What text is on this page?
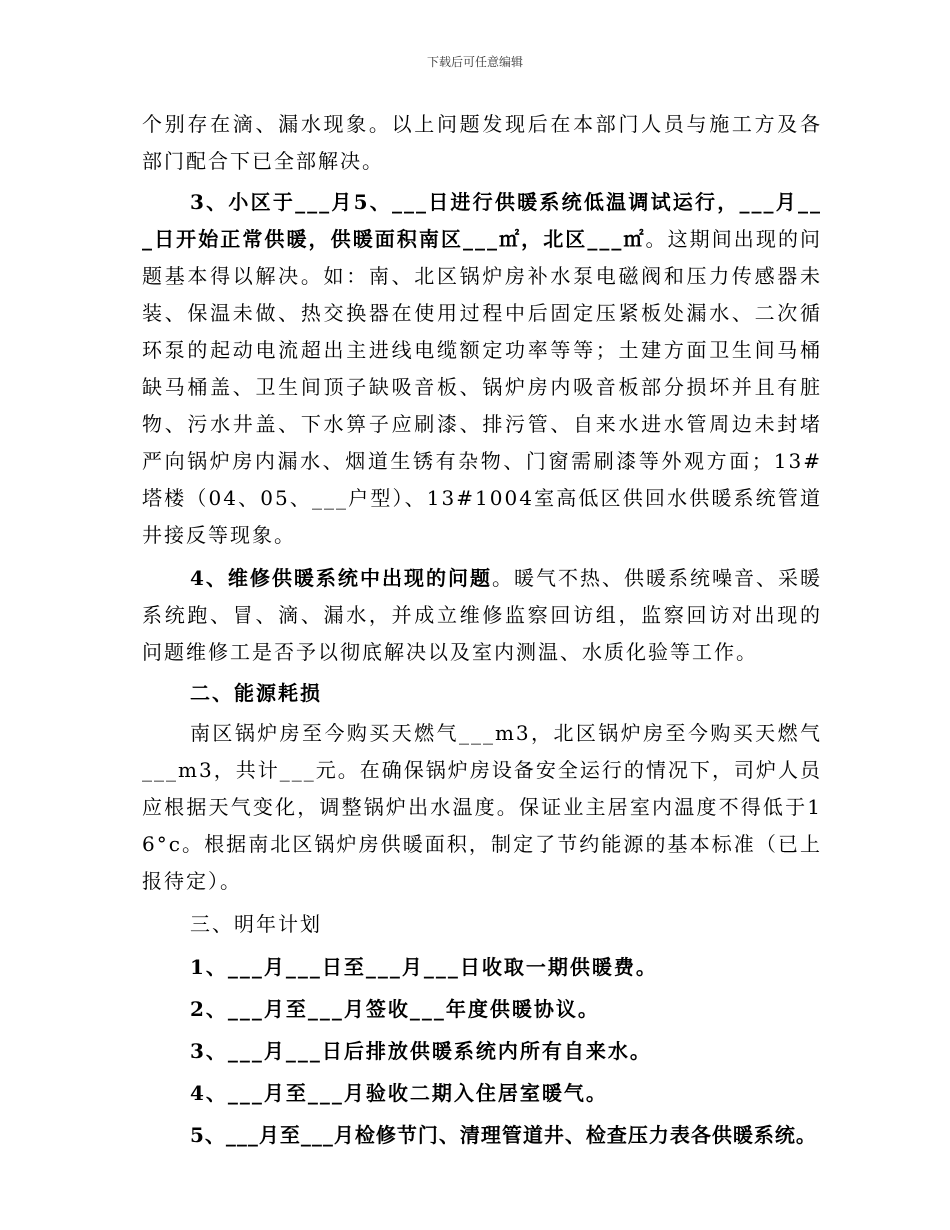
下载后可任意编辑

个别存在滴、漏水现象。以上问题发现后在本部门人员与施工方及各部门配合下已全部解决。

3、小区于___月5、___日进行供暖系统低温调试运行，___月___日开始正常供暖，供暖面积南区___㎡，北区___㎡。这期间出现的问题基本得以解决。如：南、北区锅炉房补水泵电磁阀和压力传感器未装、保温未做、热交换器在使用过程中后固定压紧板处漏水、二次循环泵的起动电流超出主进线电缆额定功率等等；土建方面卫生间马桶缺马桶盖、卫生间顶子缺吸音板、锅炉房内吸音板部分损坏并且有脏物、污水井盖、下水箅子应刷漆、排污管、自来水进水管周边未封堵严向锅炉房内漏水、烟道生锈有杂物、门窗需刷漆等外观方面；13#塔楼（04、05、___户型）、13#1004室高低区供回水供暖系统管道井接反等现象。

4、维修供暖系统中出现的问题。暖气不热、供暖系统噪音、采暖系统跑、冒、滴、漏水，并成立维修监察回访组，监察回访对出现的问题维修工是否予以彻底解决以及室内测温、水质化验等工作。

二、能源耗损

南区锅炉房至今购买天燃气___m3，北区锅炉房至今购买天燃气___m3，共计___元。在确保锅炉房设备安全运行的情况下，司炉人员应根据天气变化，调整锅炉出水温度。保证业主居室内温度不得低于16°c。根据南北区锅炉房供暖面积，制定了节约能源的基本标准（已上报待定）。

三、明年计划

1、___月___日至___月___日收取一期供暖费。

2、___月至___月签收___年度供暖协议。

3、___月___日后排放供暖系统内所有自来水。

4、___月至___月验收二期入住居室暖气。

5、___月至___月检修节门、清理管道井、检查压力表各供暖系统。
